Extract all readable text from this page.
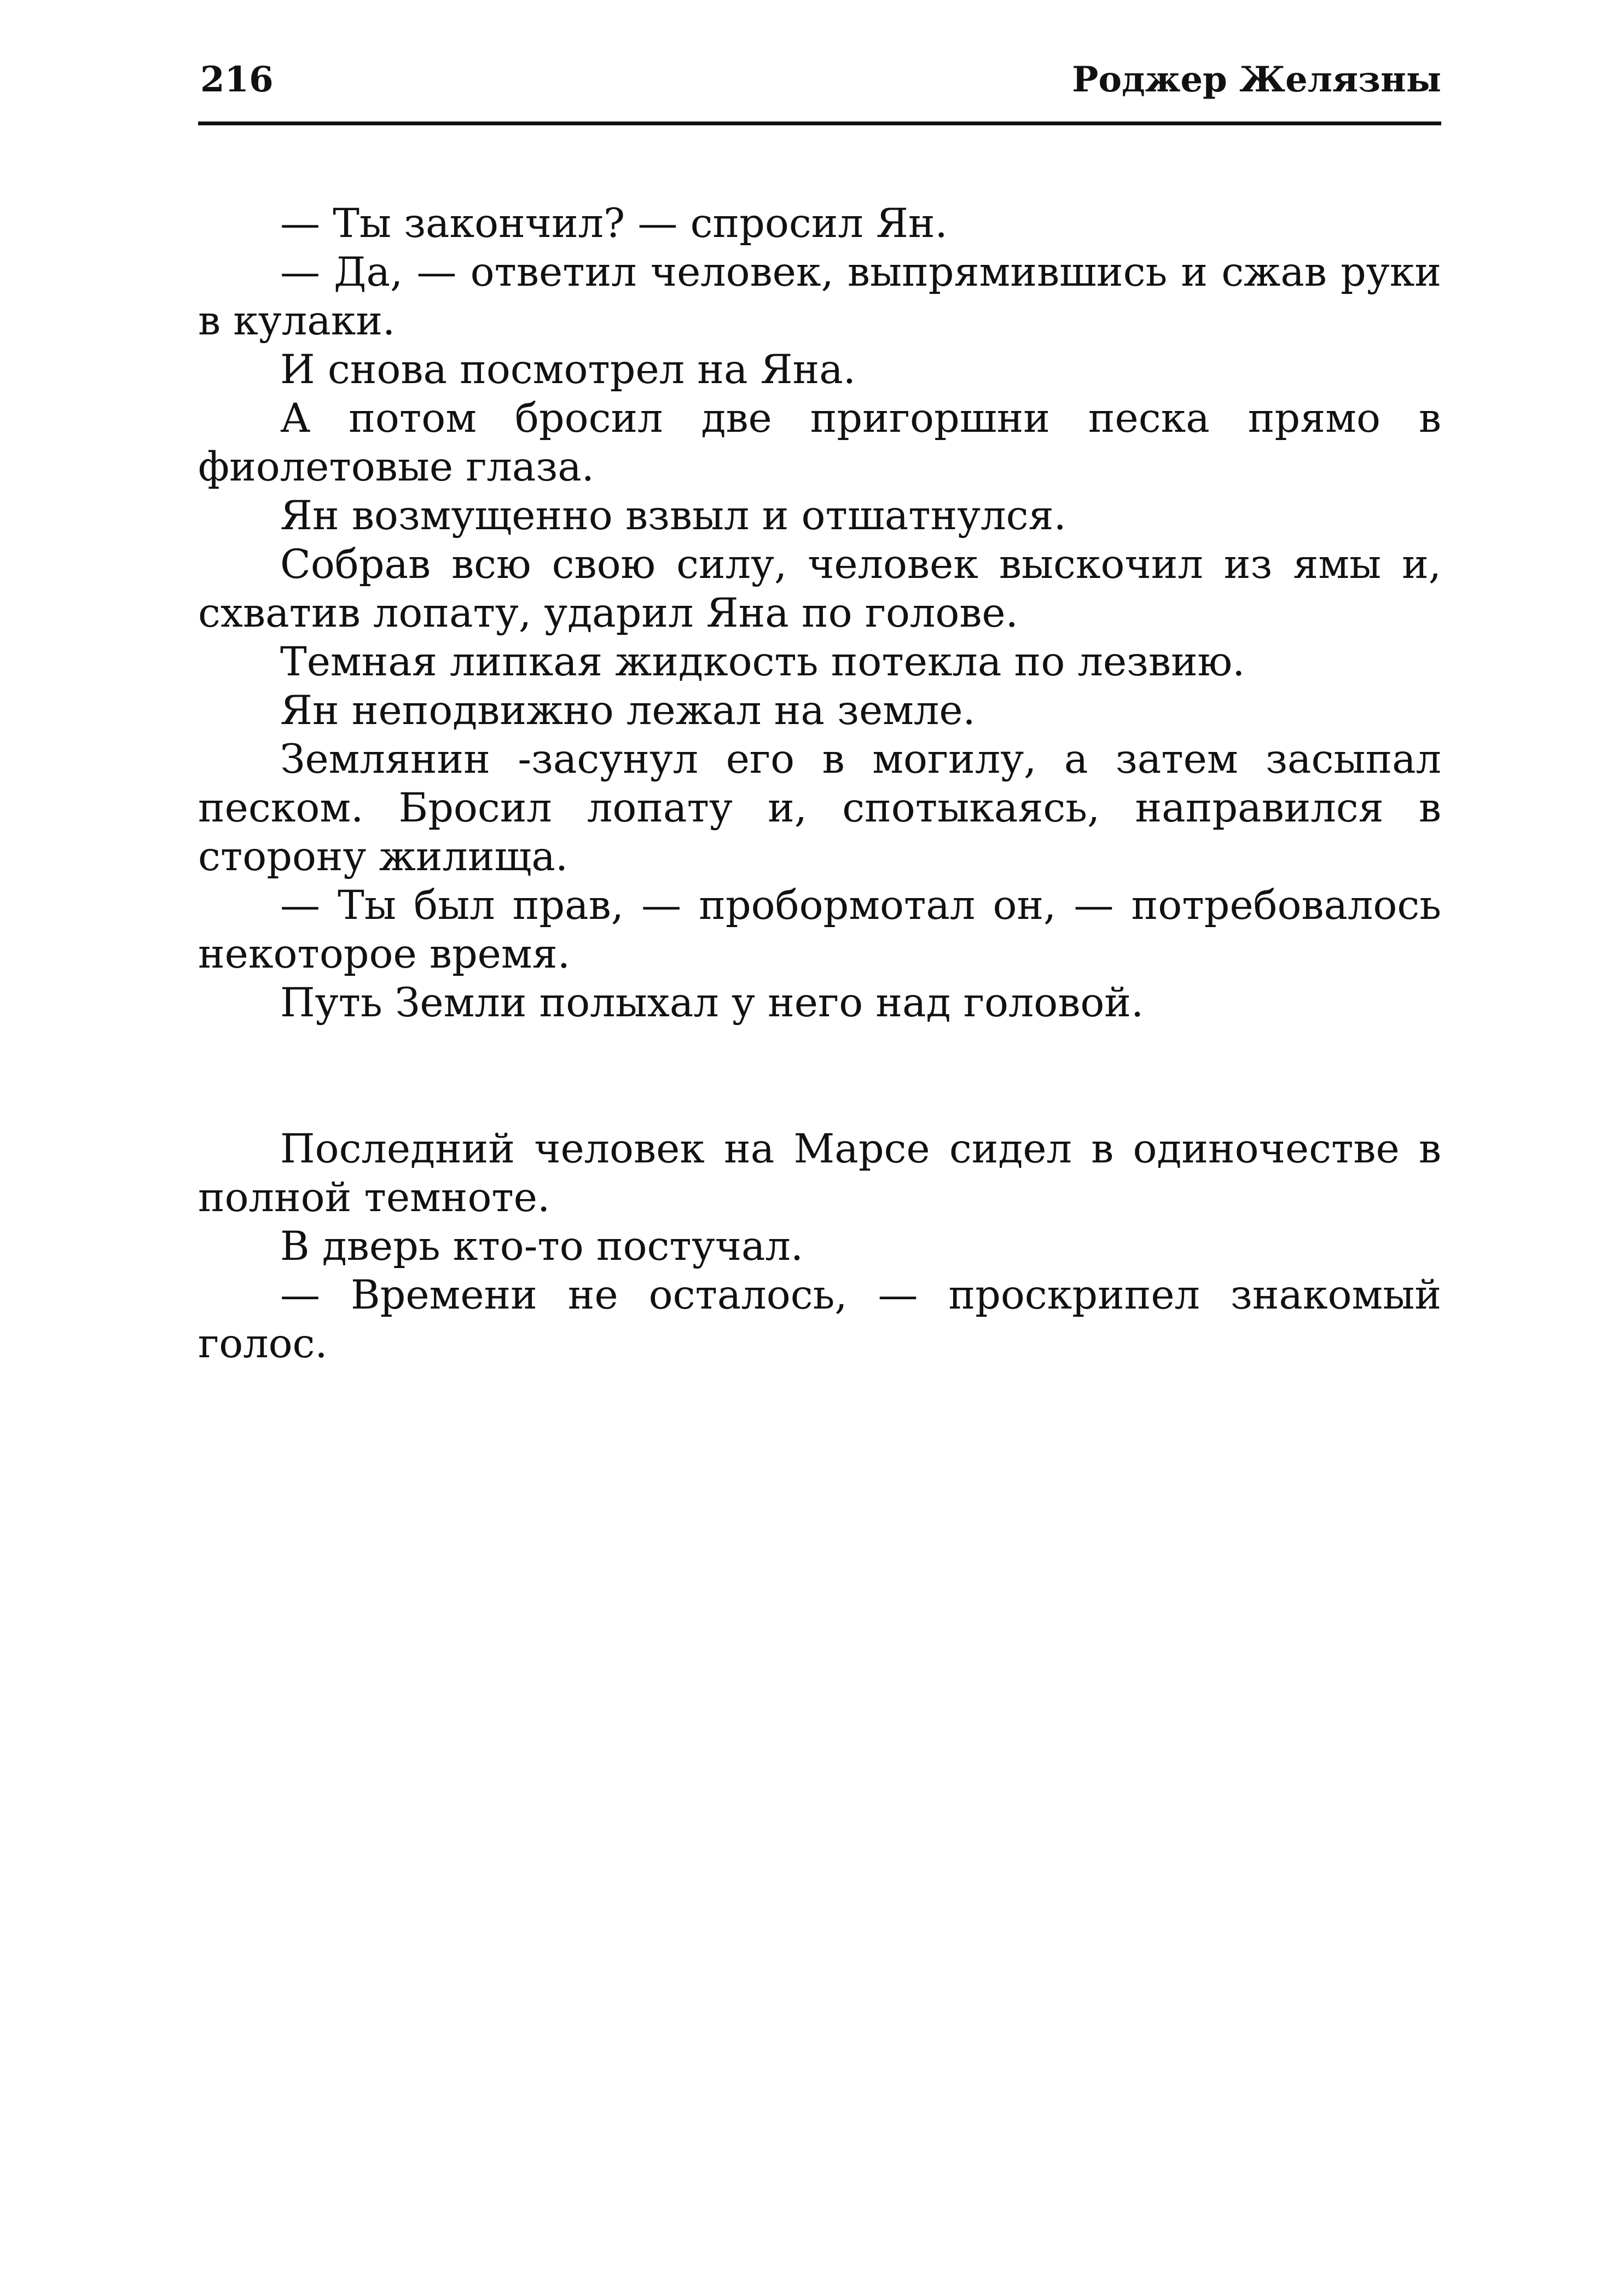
216	Роджер Желязны

— Ты закончил? — спросил Ян.

— Да, — ответил человек, выпрямившись и сжав руки в кулаки.

И снова посмотрел на Яна.

А потом бросил две пригоршни песка прямо в фиолетовые глаза.

Ян возмущенно взвыл и отшатнулся.

Собрав всю свою силу, человек выскочил из ямы и, схватив лопату, ударил Яна по голове.

Темная липкая жидкость потекла по лезвию.

Ян неподвижно лежал на земле.

Землянин -засунул его в могилу, а затем засыпал песком. Бросил лопату и, спотыкаясь, направился в сторону жилища.

— Ты был прав, — пробормотал он, — потребовалось некоторое время.

Путь Земли полыхал у него над головой.

Последний человек на Марсе сидел в одиночестве в полной темноте.

В дверь кто-то постучал.

— Времени не осталось, — проскрипел знакомый голос.
